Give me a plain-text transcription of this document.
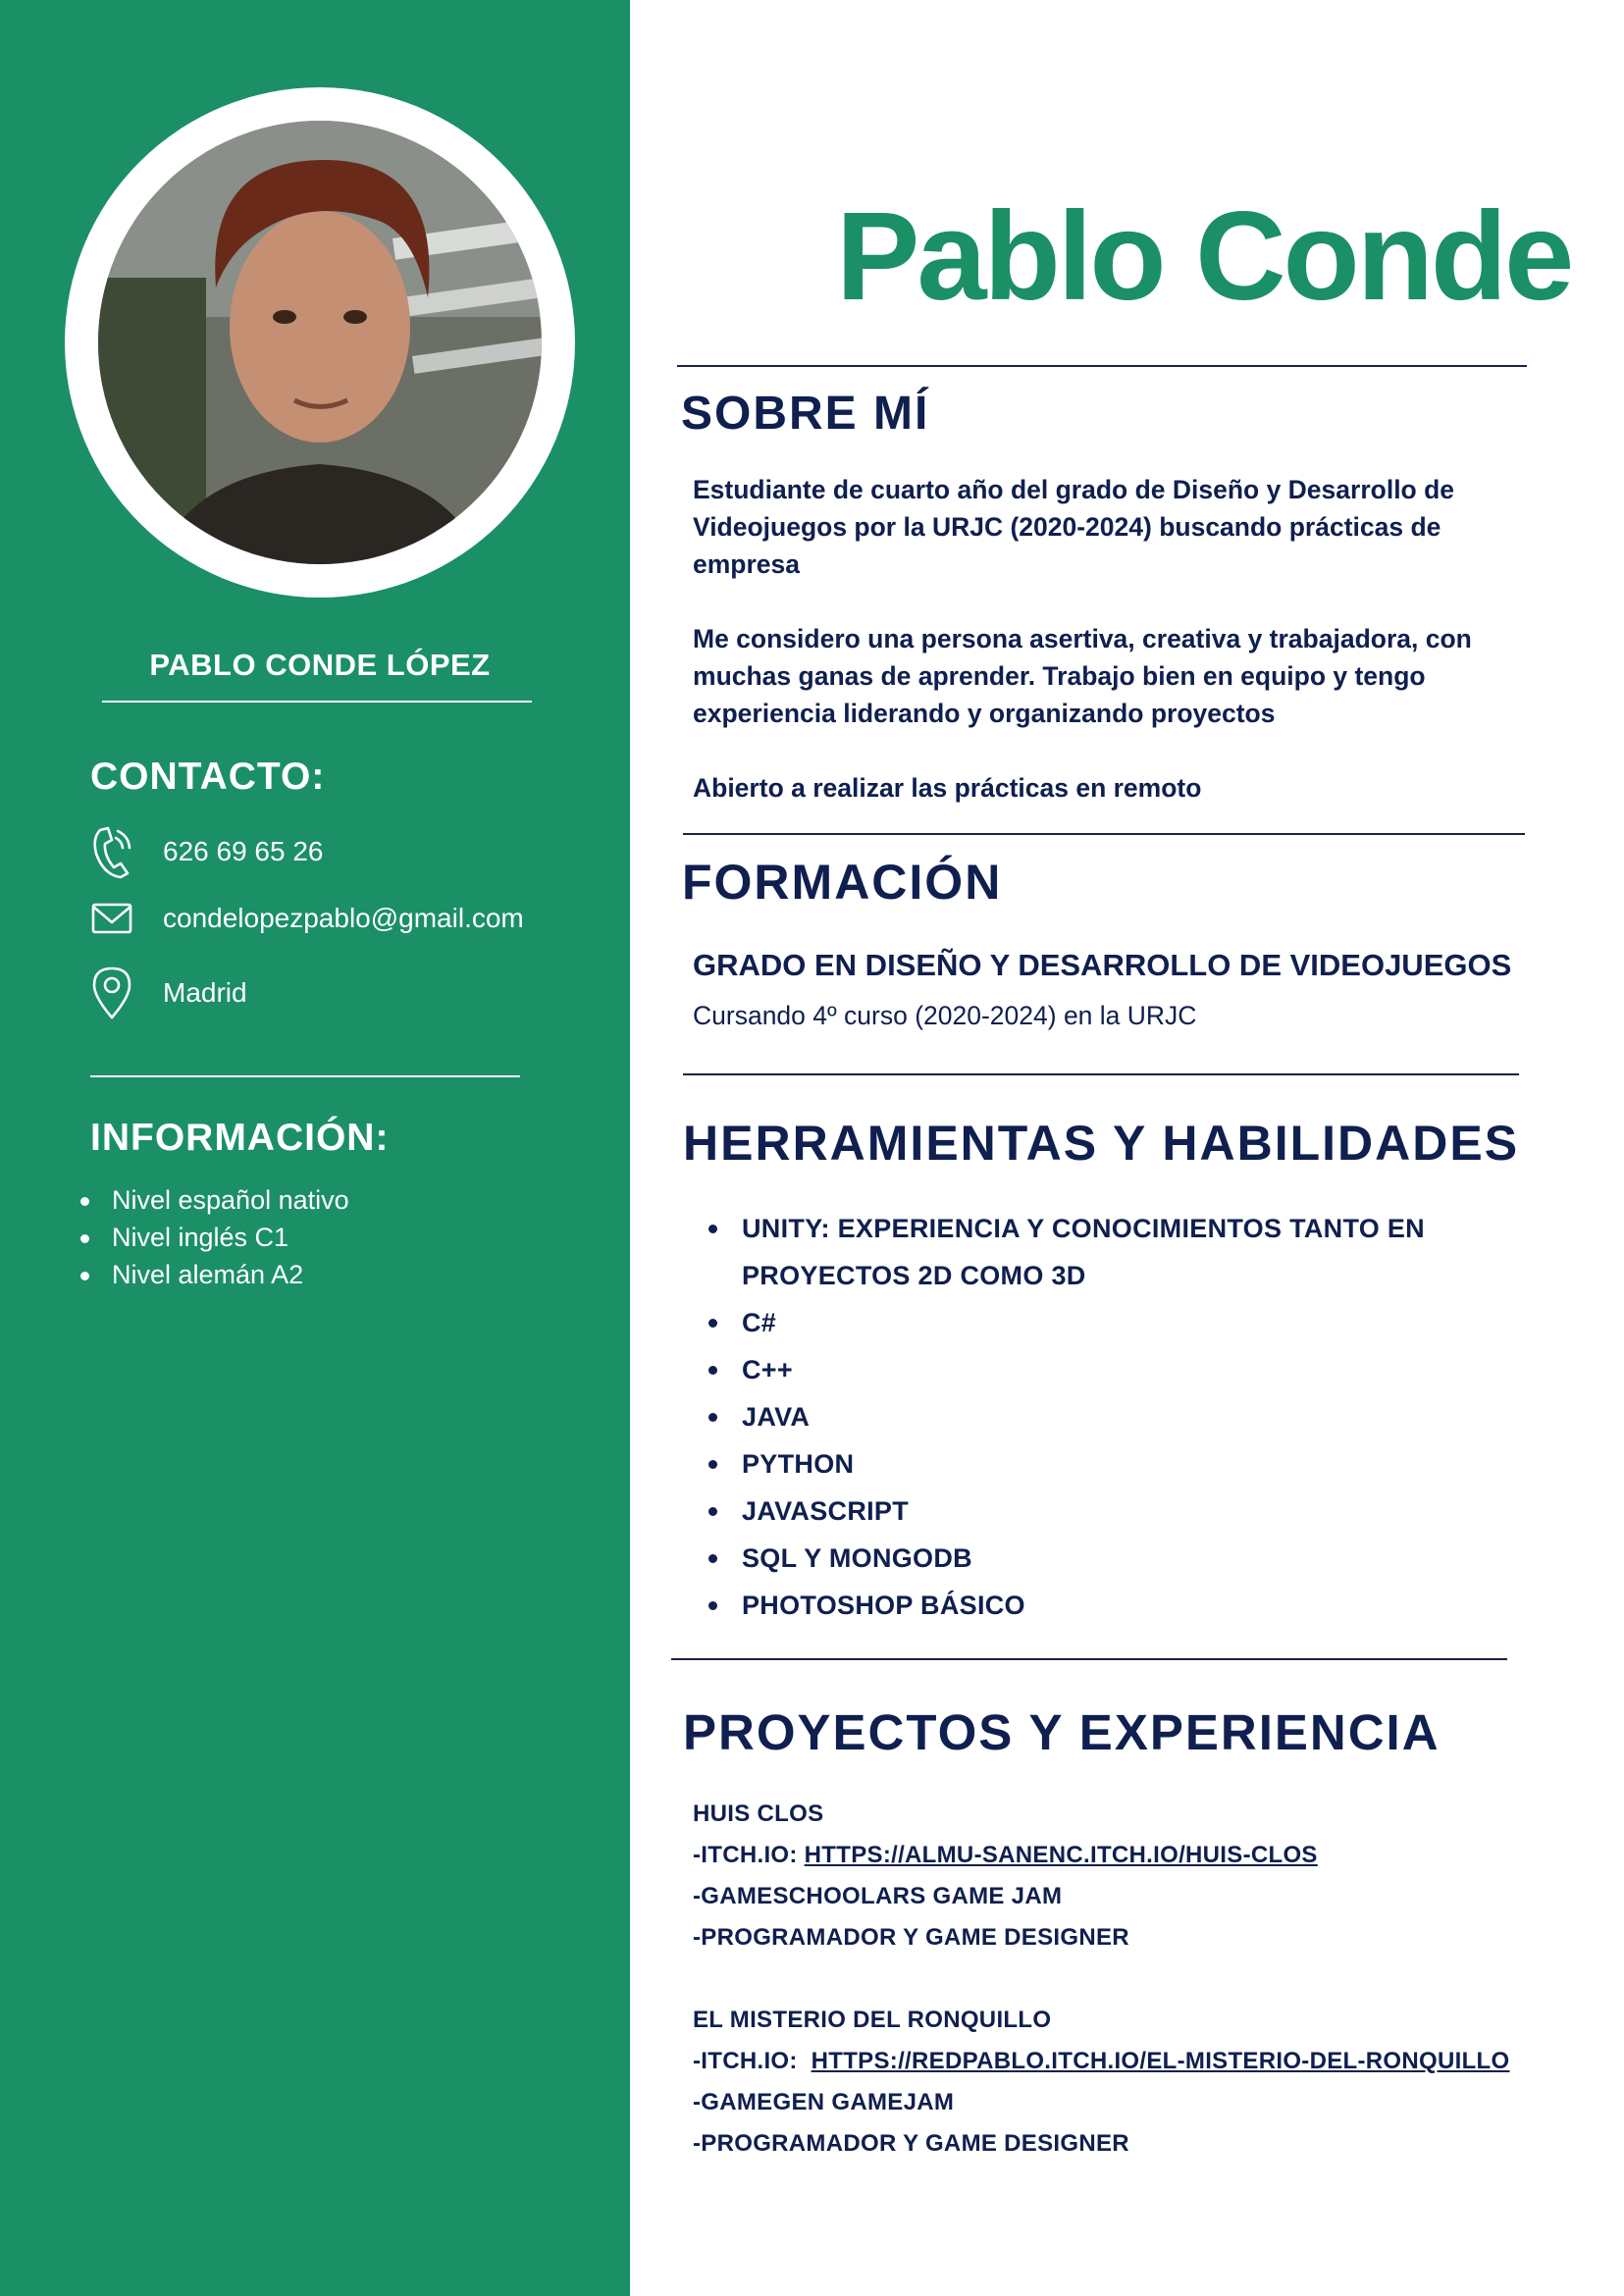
PABLO CONDE LÓPEZ
CONTACTO:
626 69 65 26
condelopezpablo@gmail.com
Madrid
INFORMACIÓN:
Nivel español nativo
Nivel inglés C1
Nivel alemán A2
Pablo Conde
SOBRE MÍ

Estudiante de cuarto año del grado de Diseño y Desarrollo de Videojuegos por la URJC (2020-2024) buscando prácticas de empresa

Me considero una persona asertiva, creativa y trabajadora, con muchas ganas de aprender. Trabajo bien en equipo y tengo experiencia liderando y organizando proyectos

Abierto a realizar las prácticas en remoto

FORMACIÓN
GRADO EN DISEÑO Y DESARROLLO DE VIDEOJUEGOS
Cursando 4º curso (2020-2024) en la URJC
HERRAMIENTAS Y HABILIDADES
UNITY: EXPERIENCIA Y CONOCIMIENTOS TANTO EN PROYECTOS 2D COMO 3D
C#
C++
JAVA
PYTHON
JAVASCRIPT
SQL Y MONGODB
PHOTOSHOP BÁSICO
PROYECTOS Y EXPERIENCIA
HUIS CLOS
-ITCH.IO: HTTPS://ALMU-SANENC.ITCH.IO/HUIS-CLOS
-GAMESCHOOLARS GAME JAM
-PROGRAMADOR Y GAME DESIGNER
EL MISTERIO DEL RONQUILLO
-ITCH.IO:  HTTPS://REDPABLO.ITCH.IO/EL-MISTERIO-DEL-RONQUILLO
-GAMEGEN GAMEJAM
-PROGRAMADOR Y GAME DESIGNER
